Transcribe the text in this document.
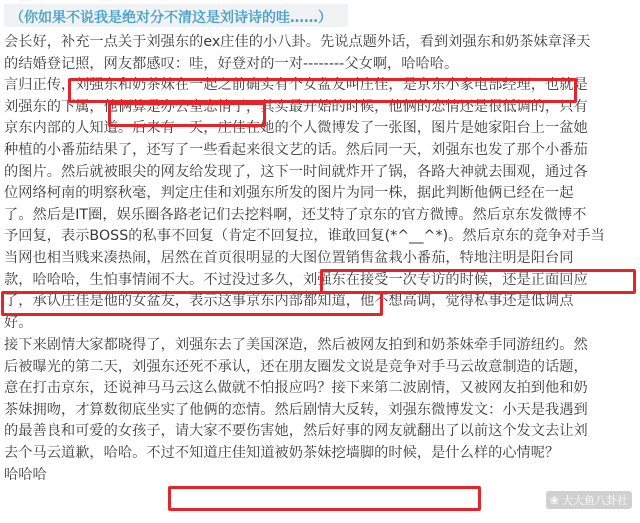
（你如果不说我是绝对分不清这是刘诗诗的哇……）
会长好，补充一点关于刘强东的ex庄佳的小八卦。先说点题外话，看到刘强东和奶茶妹章泽天
的结婚登记照，网友都感叹：哇，好登对的一对--------父女啊，哈哈哈。
言归正传，刘强东和奶茶妹在一起之前确实有个女盆友叫庄佳，是京东小家电部经理，也就是
刘强东的下属，他俩算是办公室恋情了，其实最开始的时候，他俩的恋情还是很低调的，只有
京东内部的人知道。后来有一天，庄佳在她的个人微博发了一张图，图片是她家阳台上一盆她
种植的小番茄结果了，还写了一些看起来很文艺的话。然后同一天，刘强东也发了那个小番茄
的图片。然后就被眼尖的网友给发现了，这下一时间就炸开了锅，各路大神就去围观，通过各
位网络柯南的明察秋毫，判定庄佳和刘强东所发的图片为同一株，据此判断他俩已经在一起
了。然后是IT圈，娱乐圈各路老记们去挖料啊，还艾特了京东的官方微博。然后京东发微博不
予回复，表示BOSS的私事不回复（肯定不回复拉，谁敢回复(*^__^*)。然后京东的竞争对手当
当网也相当贱来凑热闹，居然在首页很明显的大图位置销售盆栽小番茄，特地注明是阳台同
款，哈哈哈，生怕事情闹不大。不过没过多久，刘强东在接受一次专访的时候，还是正面回应
了，承认庄佳是他的女盆友，表示这事京东内部都知道，他不想高调，觉得私事还是低调点
好。
接下来剧情大家都晓得了，刘强东去了美国深造，然后被网友拍到和奶茶妹牵手同游纽约。然
后被曝光的第二天，刘强东还死不承认，还在朋友圈发文说是竞争对手马云故意制造的话题，
意在打击京东，还说神马马云这么做就不怕报应吗？接下来第二波剧情，又被网友拍到他和奶
茶妹拥吻，才算数彻底坐实了他俩的恋情。然后剧情大反转，刘强东微博发文：小天是我遇到
的最善良和可爱的女孩子，请大家不要伤害她，然后好事的网友就翻出了以前这个发文去让刘
去个马云道歉，哈哈。不过不知道庄佳知道被奶茶妹挖墙脚的时候，是什么样的心情呢？
哈哈哈
❀ 大大鱼八卦社
